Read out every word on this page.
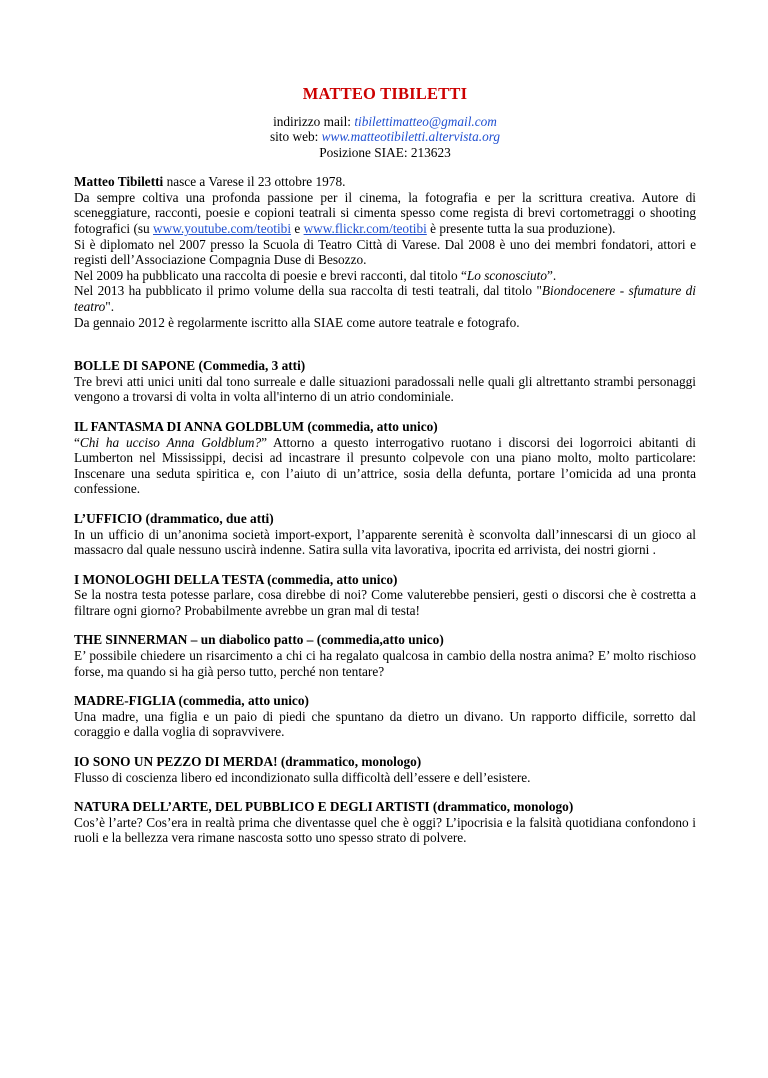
MATTEO TIBILETTI
indirizzo mail: tibilettimatteo@gmail.com
sito web: www.matteotibiletti.altervista.org
Posizione SIAE: 213623

Matteo Tibiletti nasce a Varese il 23 ottobre 1978.

Da sempre coltiva una profonda passione per il cinema, la fotografia e per la scrittura creativa. Autore di sceneggiature, racconti, poesie e copioni teatrali si cimenta spesso come regista di brevi cortometraggi o shooting fotografici (su www.youtube.com/teotibi e www.flickr.com/teotibi è presente tutta la sua produzione).

Si è diplomato nel 2007 presso la Scuola di Teatro Città di Varese. Dal 2008 è uno dei membri fondatori, attori e registi dell’Associazione Compagnia Duse di Besozzo.

Nel 2009 ha pubblicato una raccolta di poesie e brevi racconti, dal titolo “Lo sconosciuto”.

Nel 2013 ha pubblicato il primo volume della sua raccolta di testi teatrali, dal titolo "Biondocenere - sfumature di teatro".

Da gennaio 2012 è regolarmente iscritto alla SIAE come autore teatrale e fotografo.

BOLLE DI SAPONE (Commedia, 3 atti)
Tre brevi atti unici uniti dal tono surreale e dalle situazioni paradossali nelle quali gli altrettanto strambi personaggi vengono a trovarsi di volta in volta all'interno di un atrio condominiale.
IL FANTASMA DI ANNA GOLDBLUM (commedia, atto unico)
“Chi ha ucciso Anna Goldblum?” Attorno a questo interrogativo ruotano i discorsi dei logorroici abitanti di Lumberton nel Mississippi, decisi ad incastrare il presunto colpevole con una piano molto, molto particolare: Inscenare una seduta spiritica e, con l’aiuto di un’attrice, sosia della defunta, portare l’omicida ad una pronta confessione.
L’UFFICIO (drammatico, due atti)
In un ufficio di un’anonima società import-export, l’apparente serenità è sconvolta dall’innescarsi di un gioco al massacro dal quale nessuno uscirà indenne. Satira sulla vita lavorativa, ipocrita ed arrivista, dei nostri giorni .
I MONOLOGHI DELLA TESTA (commedia, atto unico)
Se la nostra testa potesse parlare, cosa direbbe di noi? Come valuterebbe pensieri, gesti o discorsi che è costretta a filtrare ogni giorno? Probabilmente avrebbe un gran mal di testa!
THE SINNERMAN – un diabolico patto – (commedia,atto unico)
E’ possibile chiedere un risarcimento a chi ci ha regalato qualcosa in cambio della nostra anima? E’ molto rischioso forse, ma quando si ha già perso tutto, perché non tentare?
MADRE-FIGLIA (commedia, atto unico)
Una madre, una figlia e un paio di piedi che spuntano da dietro un divano. Un rapporto difficile, sorretto dal coraggio e dalla voglia di sopravvivere.
IO SONO UN PEZZO DI MERDA! (drammatico, monologo)
Flusso di coscienza libero ed incondizionato sulla difficoltà dell’essere e dell’esistere.
NATURA DELL’ARTE, DEL PUBBLICO E DEGLI ARTISTI (drammatico, monologo)
Cos’è l’arte? Cos’era in realtà prima che diventasse quel che è oggi? L’ipocrisia e la falsità quotidiana confondono i ruoli e la bellezza vera rimane nascosta sotto uno spesso strato di polvere.
